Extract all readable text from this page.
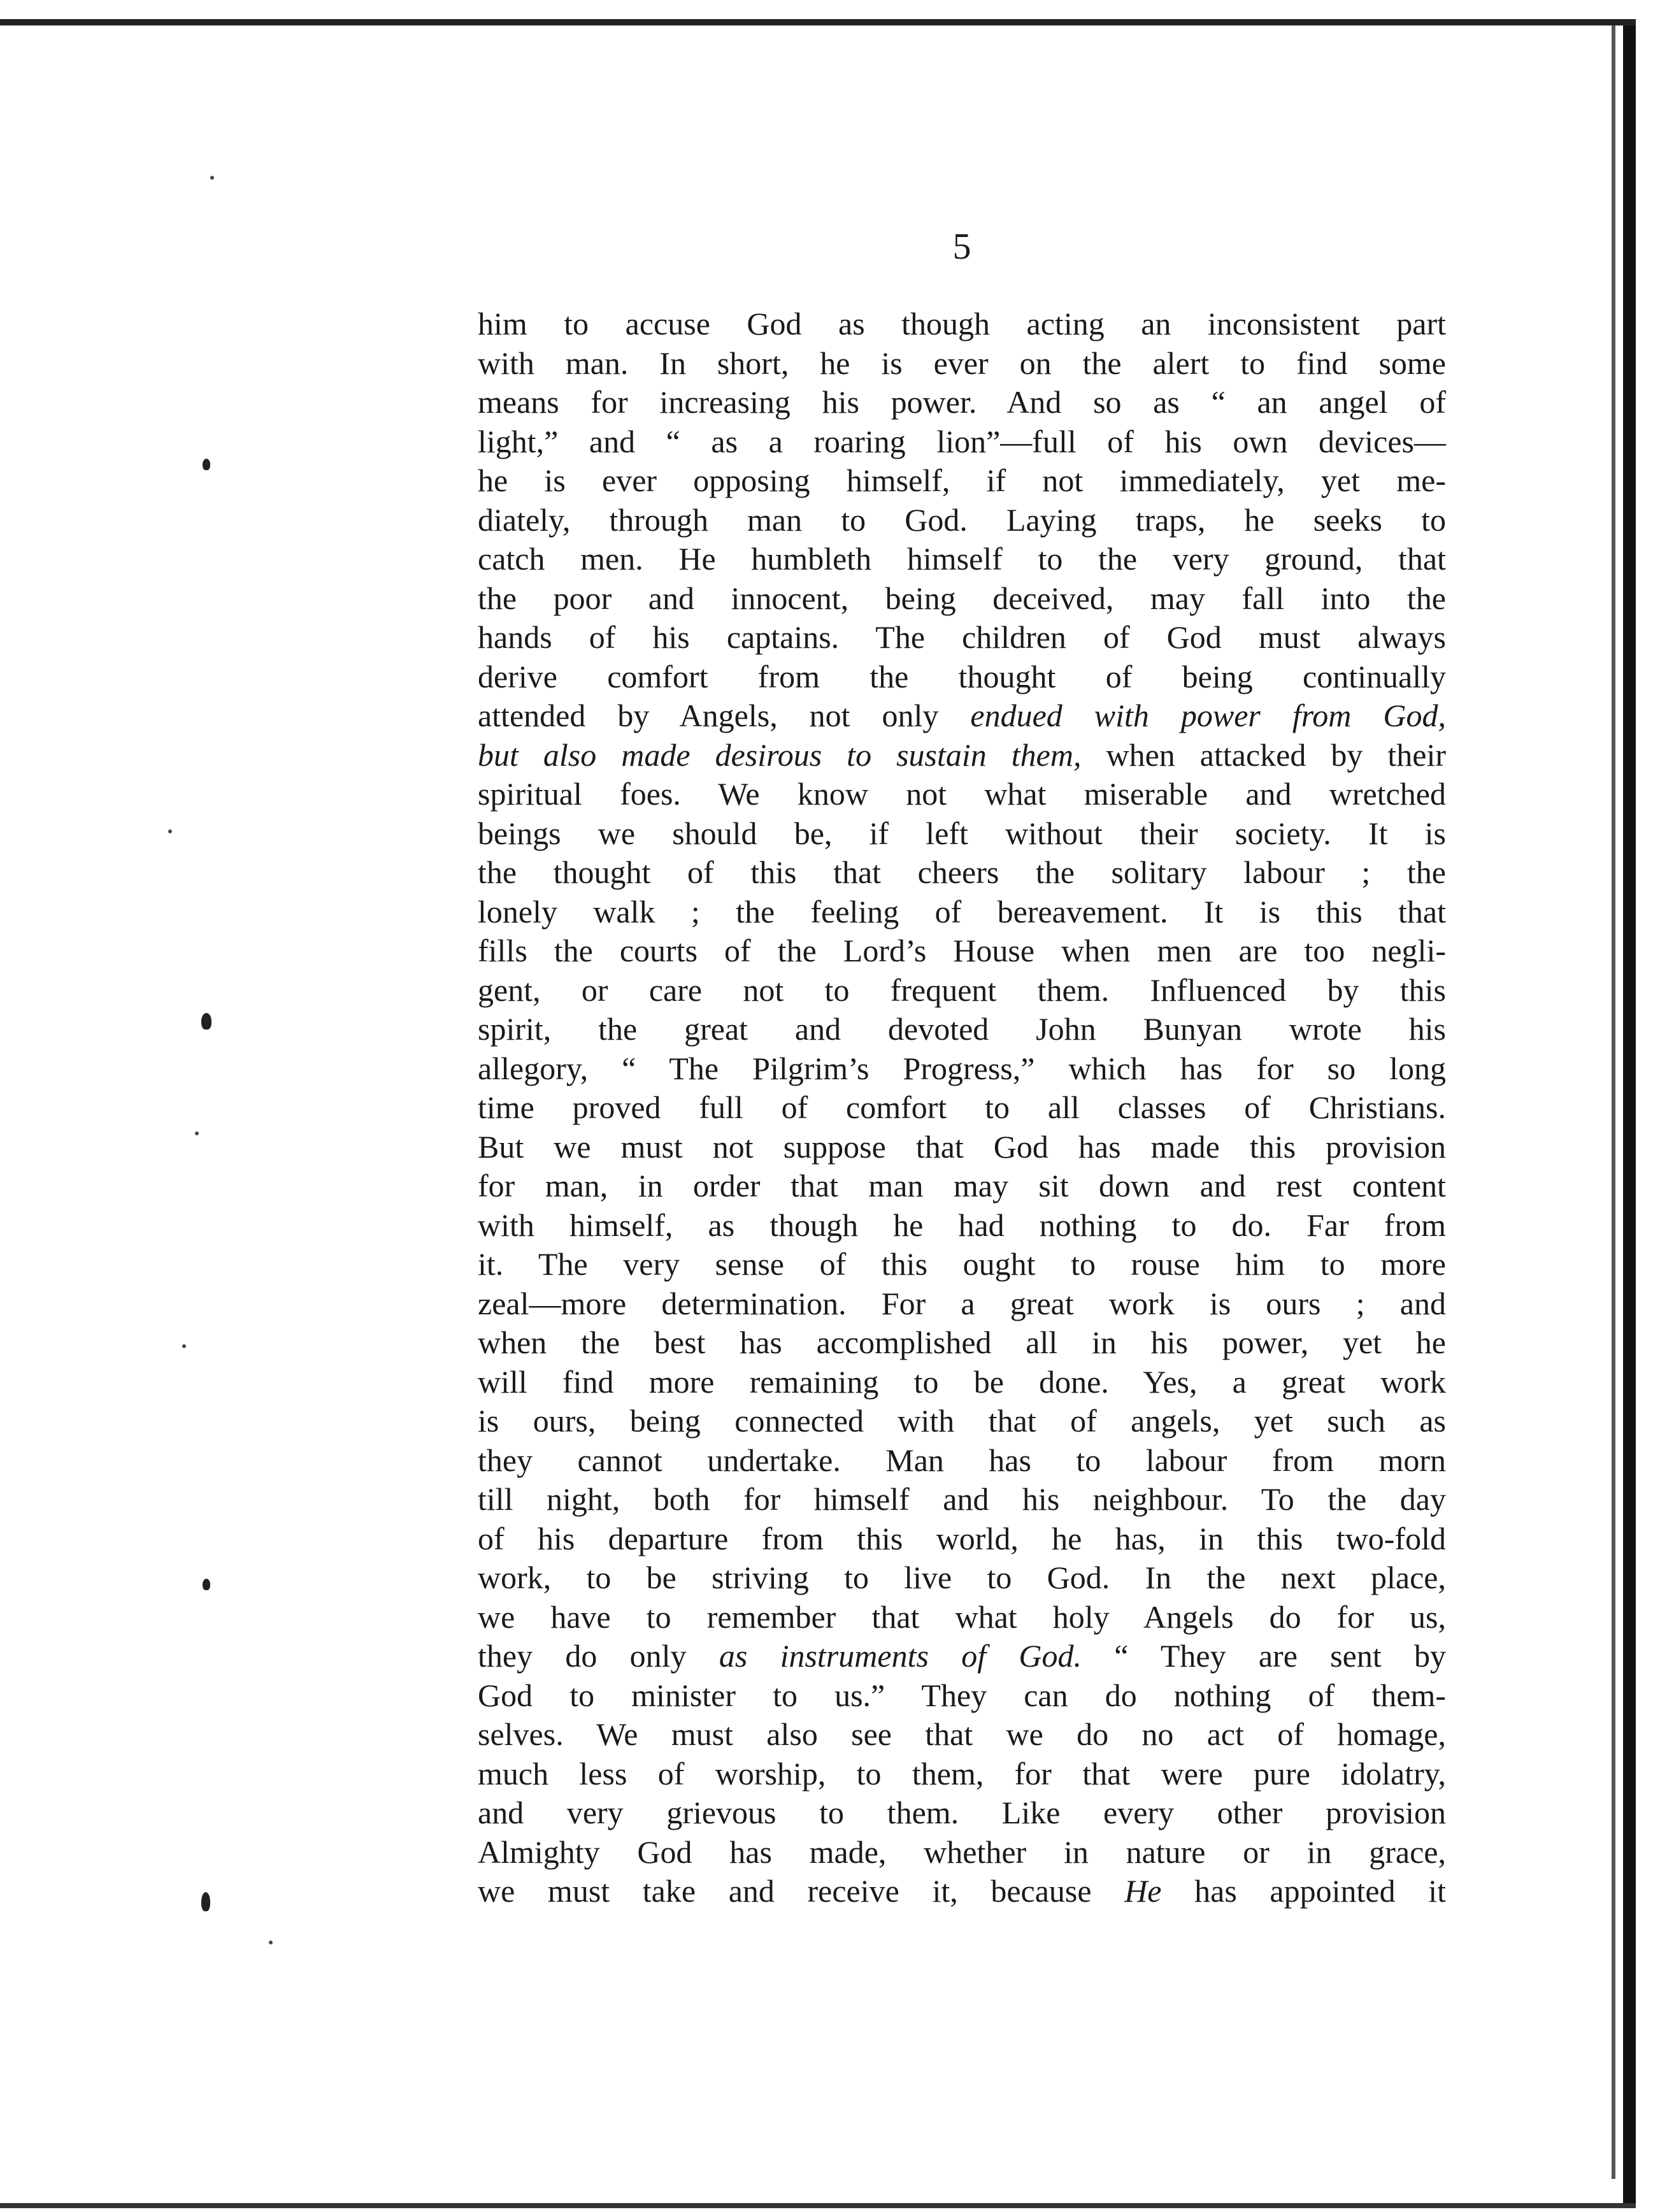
5
him to accuse God as though acting an inconsistent part
with man. In short, he is ever on the alert to find some
means for increasing his power. And so as “ an angel of
light,” and “ as a roaring lion”—full of his own devices—
he is ever opposing himself, if not immediately, yet me-
diately, through man to God. Laying traps, he seeks to
catch men. He humbleth himself to the very ground, that
the poor and innocent, being deceived, may fall into the
hands of his captains. The children of God must always
derive comfort from the thought of being continually
attended by Angels, not only endued with power from God,
but also made desirous to sustain them, when attacked by their
spiritual foes. We know not what miserable and wretched
beings we should be, if left without their society. It is
the thought of this that cheers the solitary labour ; the
lonely walk ; the feeling of bereavement. It is this that
fills the courts of the Lord’s House when men are too negli-
gent, or care not to frequent them. Influenced by this
spirit, the great and devoted John Bunyan wrote his
allegory, “ The Pilgrim’s Progress,” which has for so long
time proved full of comfort to all classes of Christians.
But we must not suppose that God has made this provision
for man, in order that man may sit down and rest content
with himself, as though he had nothing to do. Far from
it. The very sense of this ought to rouse him to more
zeal—more determination. For a great work is ours ; and
when the best has accomplished all in his power, yet he
will find more remaining to be done. Yes, a great work
is ours, being connected with that of angels, yet such as
they cannot undertake. Man has to labour from morn
till night, both for himself and his neighbour. To the day
of his departure from this world, he has, in this two-fold
work, to be striving to live to God. In the next place,
we have to remember that what holy Angels do for us,
they do only as instruments of God. “ They are sent by
God to minister to us.” They can do nothing of them-
selves. We must also see that we do no act of homage,
much less of worship, to them, for that were pure idolatry,
and very grievous to them. Like every other provision
Almighty God has made, whether in nature or in grace,
we must take and receive it, because He has appointed it
